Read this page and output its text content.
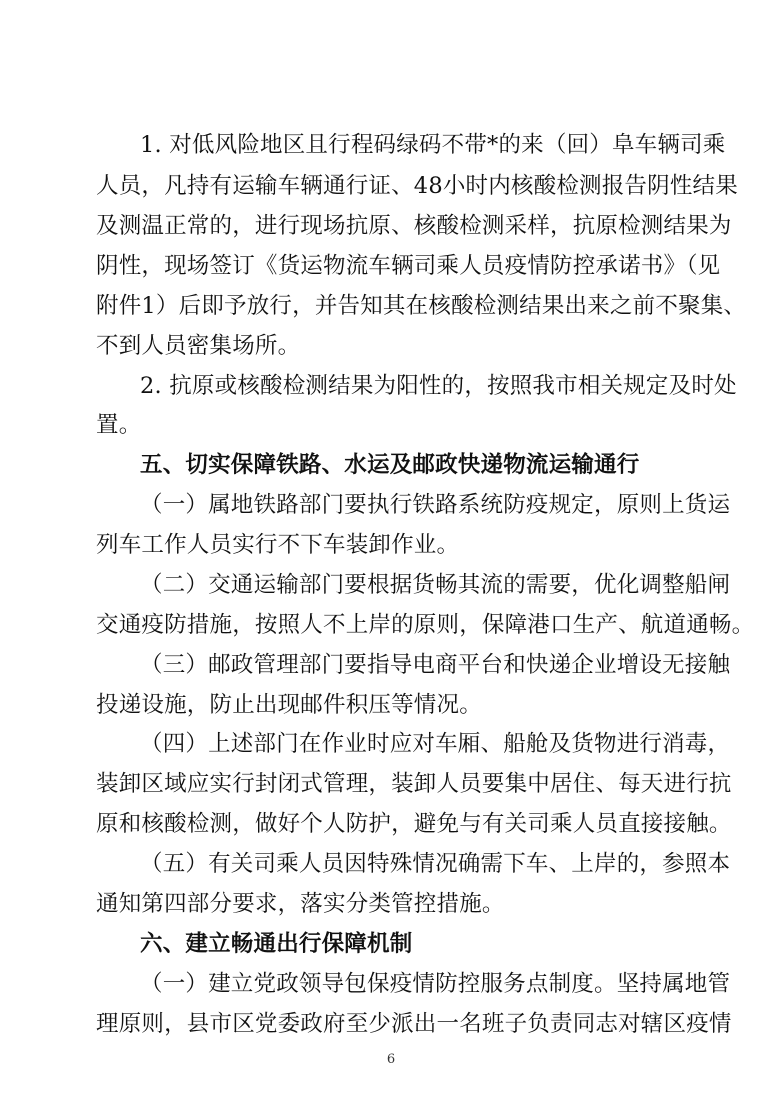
1. 对低风险地区且行程码绿码不带*的来（回）阜车辆司乘
人员，凡持有运输车辆通行证、48小时内核酸检测报告阴性结果
及测温正常的，进行现场抗原、核酸检测采样，抗原检测结果为
阴性，现场签订《货运物流车辆司乘人员疫情防控承诺书》（见
附件1）后即予放行，并告知其在核酸检测结果出来之前不聚集、
不到人员密集场所。
2. 抗原或核酸检测结果为阳性的，按照我市相关规定及时处
置。
五、切实保障铁路、水运及邮政快递物流运输通行
（一）属地铁路部门要执行铁路系统防疫规定，原则上货运
列车工作人员实行不下车装卸作业。
（二）交通运输部门要根据货畅其流的需要，优化调整船闸
交通疫防措施，按照人不上岸的原则，保障港口生产、航道通畅。
（三）邮政管理部门要指导电商平台和快递企业增设无接触
投递设施，防止出现邮件积压等情况。
（四）上述部门在作业时应对车厢、船舱及货物进行消毒，
装卸区域应实行封闭式管理，装卸人员要集中居住、每天进行抗
原和核酸检测，做好个人防护，避免与有关司乘人员直接接触。
（五）有关司乘人员因特殊情况确需下车、上岸的，参照本
通知第四部分要求，落实分类管控措施。
六、建立畅通出行保障机制
（一）建立党政领导包保疫情防控服务点制度。坚持属地管
理原则，县市区党委政府至少派出一名班子负责同志对辖区疫情
6
